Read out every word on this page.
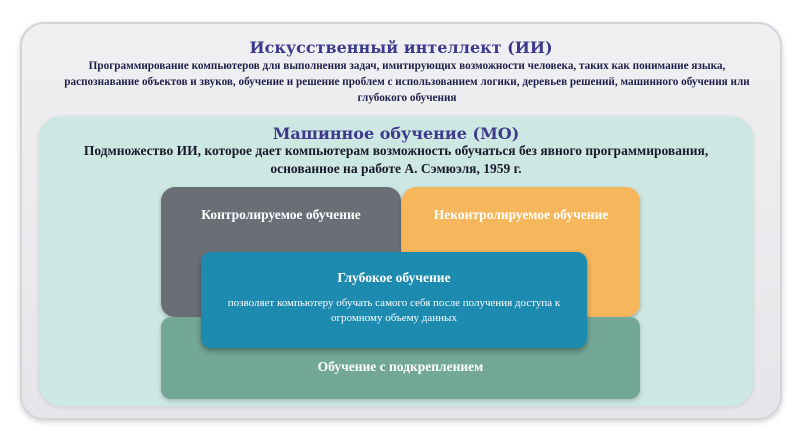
Искусственный интеллект (ИИ)
Программирование компьютеров для выполнения задач, имитирующих возможности человека, таких как понимание языка, распознавание объектов и звуков, обучение и решение проблем с использованием логики, деревьев решений, машинного обучения или глубокого обучения
Машинное обучение (МО)
Подмножество ИИ, которое дает компьютерам возможность обучаться без явного программирования, основанное на работе А. Сэмюэля, 1959 г.
Контролируемое обучение	Неконтролируемое обучение
Обучение с подкреплением
Глубокое обучение
позволяет компьютеру обучать самого себя после получения доступа к огромному объему данных
